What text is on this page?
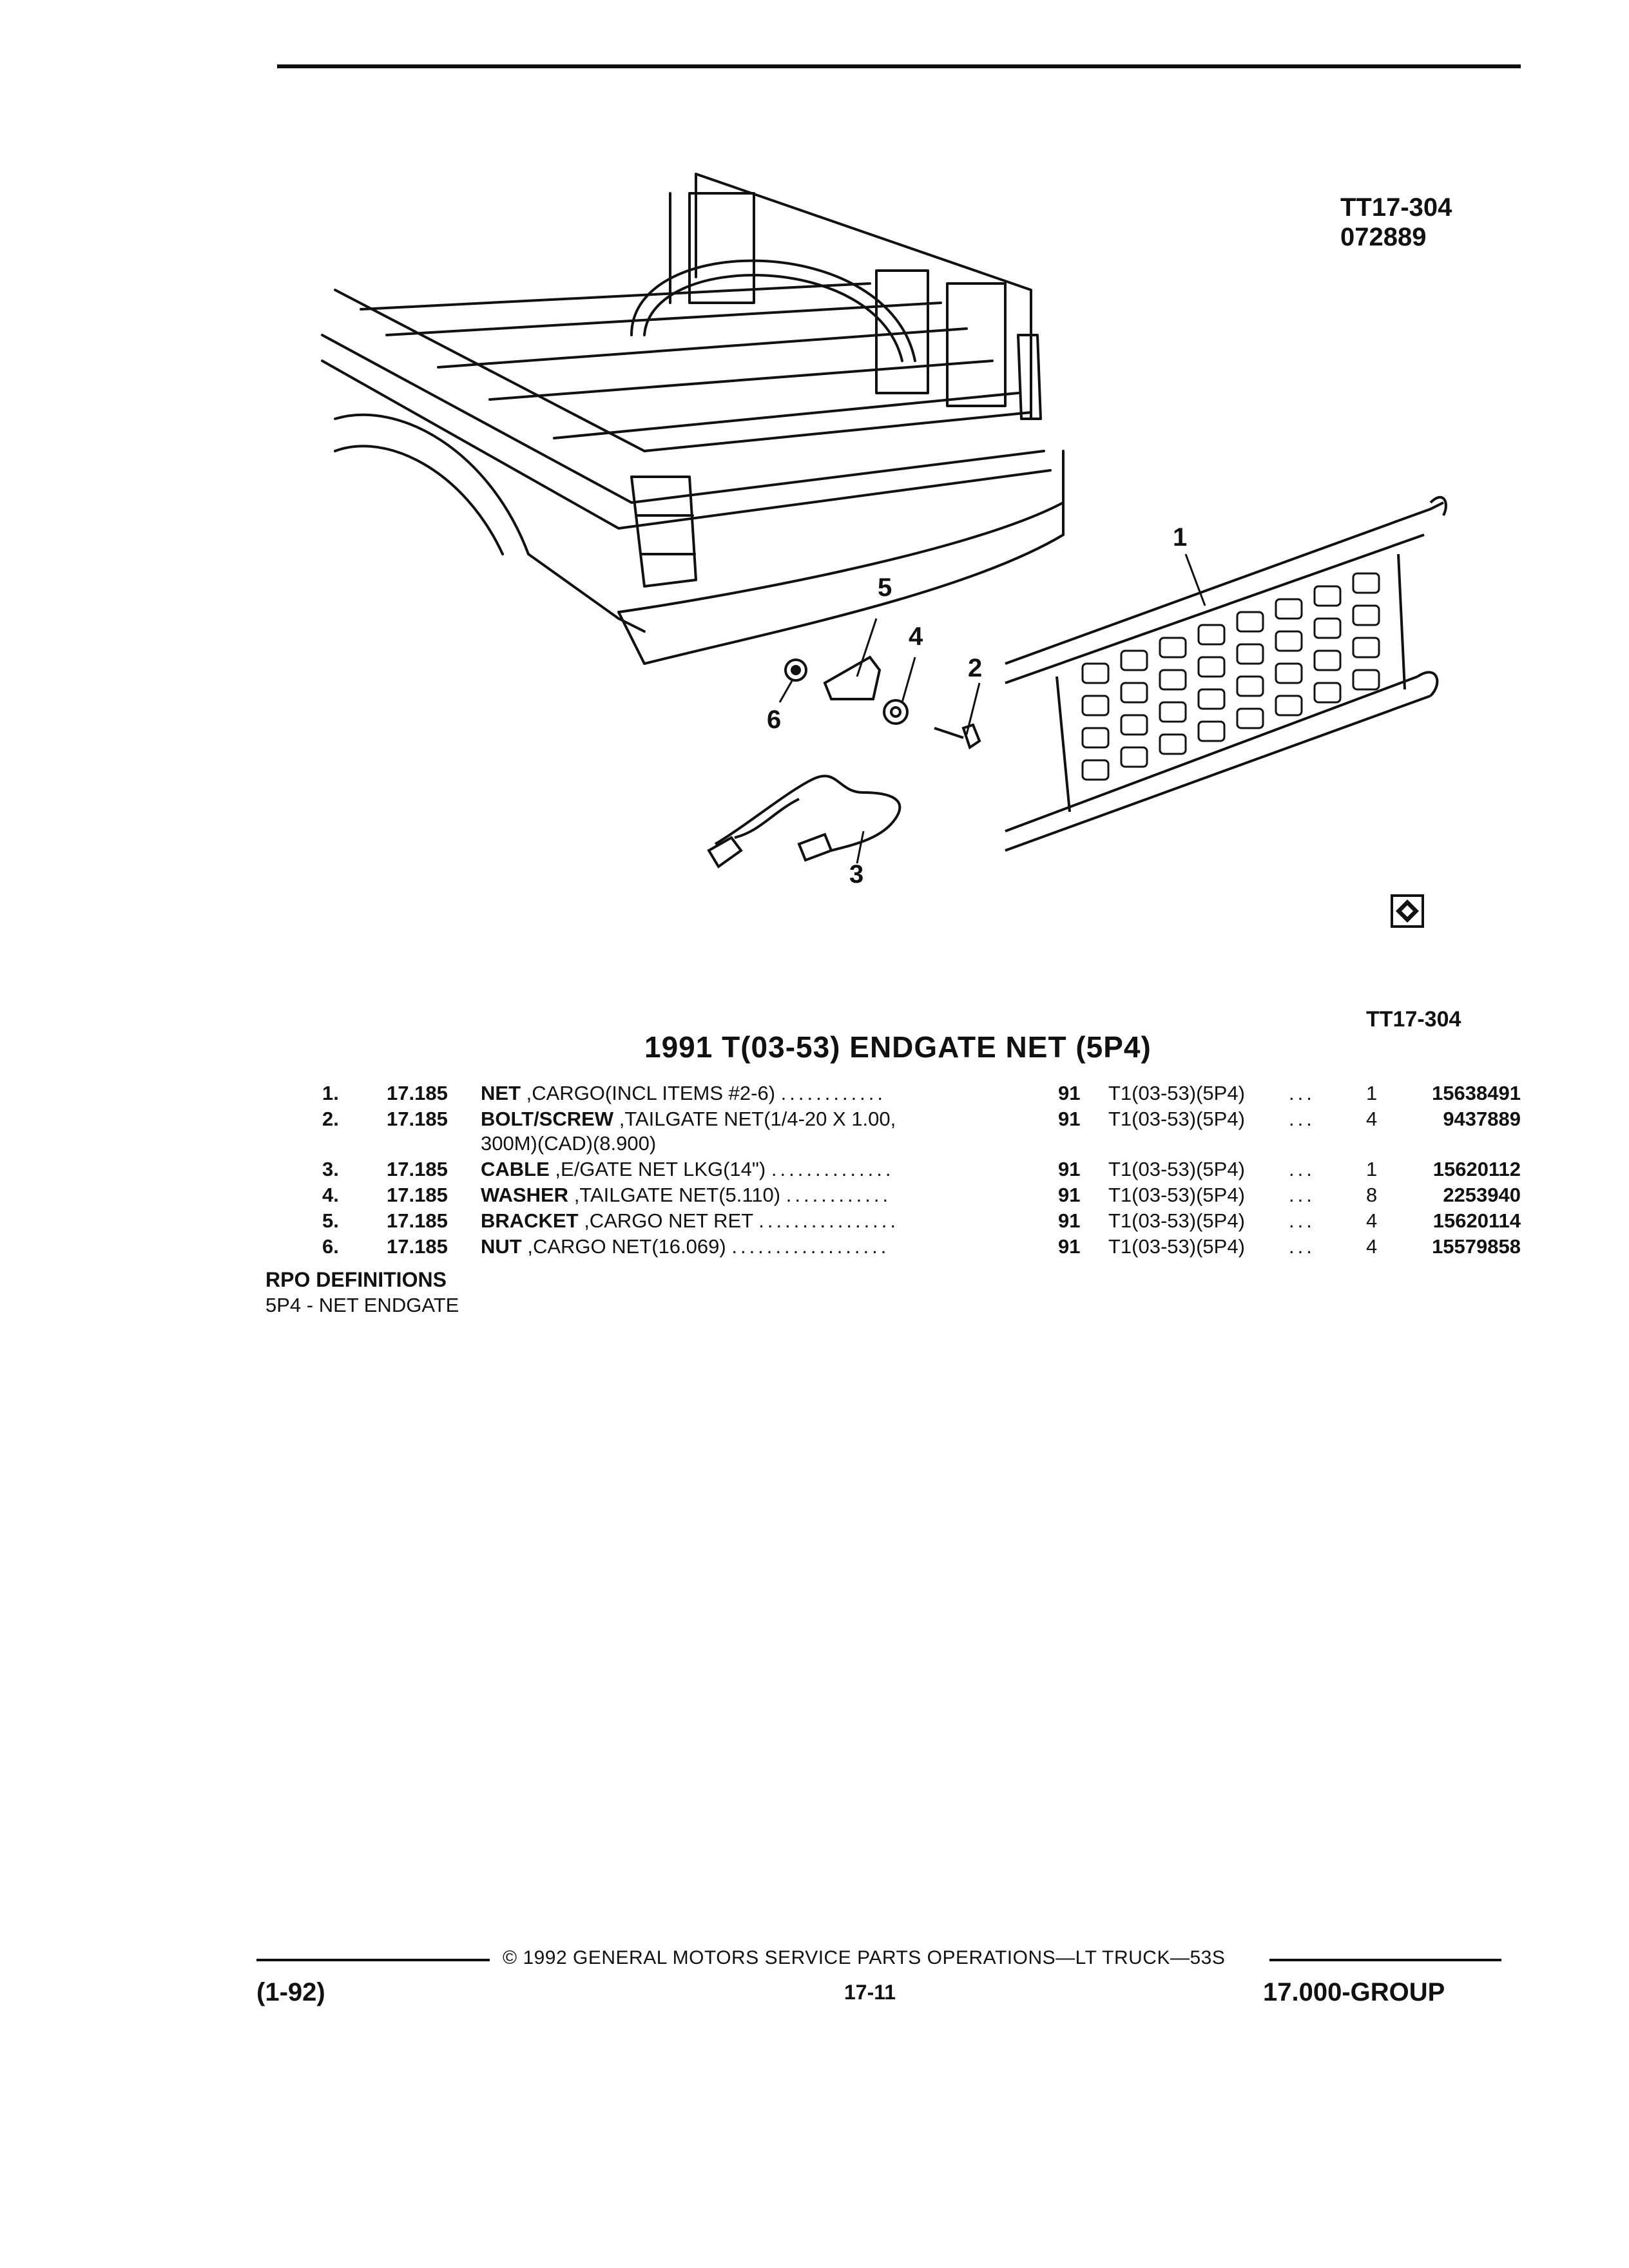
TT17-304
072889
1
2
3
4
5
6
TT17-304
1991 T(03-53) ENDGATE NET (5P4)
1. 17.185 NET ,CARGO(INCL ITEMS #2-6) ............	91 T1(03-53)(5P4) ...	1	15638491
2. 17.185 BOLT/SCREW ,TAILGATE NET(1/4-20 X 1.00,
300M)(CAD)(8.900)
91 T1(03-53)(5P4) ...	4	9437889
3. 17.185 CABLE ,E/GATE NET LKG(14") ..............	91 T1(03-53)(5P4) ...	1	15620112
4. 17.185 WASHER ,TAILGATE NET(5.110) ............	91 T1(03-53)(5P4) ...	8	2253940
5. 17.185 BRACKET ,CARGO NET RET ................	91 T1(03-53)(5P4) ...	4	15620114
6. 17.185 NUT ,CARGO NET(16.069) ..................	91 T1(03-53)(5P4) ...	4	15579858
RPO DEFINITIONS
5P4 - NET ENDGATE
© 1992 GENERAL MOTORS SERVICE PARTS OPERATIONS—LT TRUCK—53S
17-11
(1-92)	17.000-GROUP
